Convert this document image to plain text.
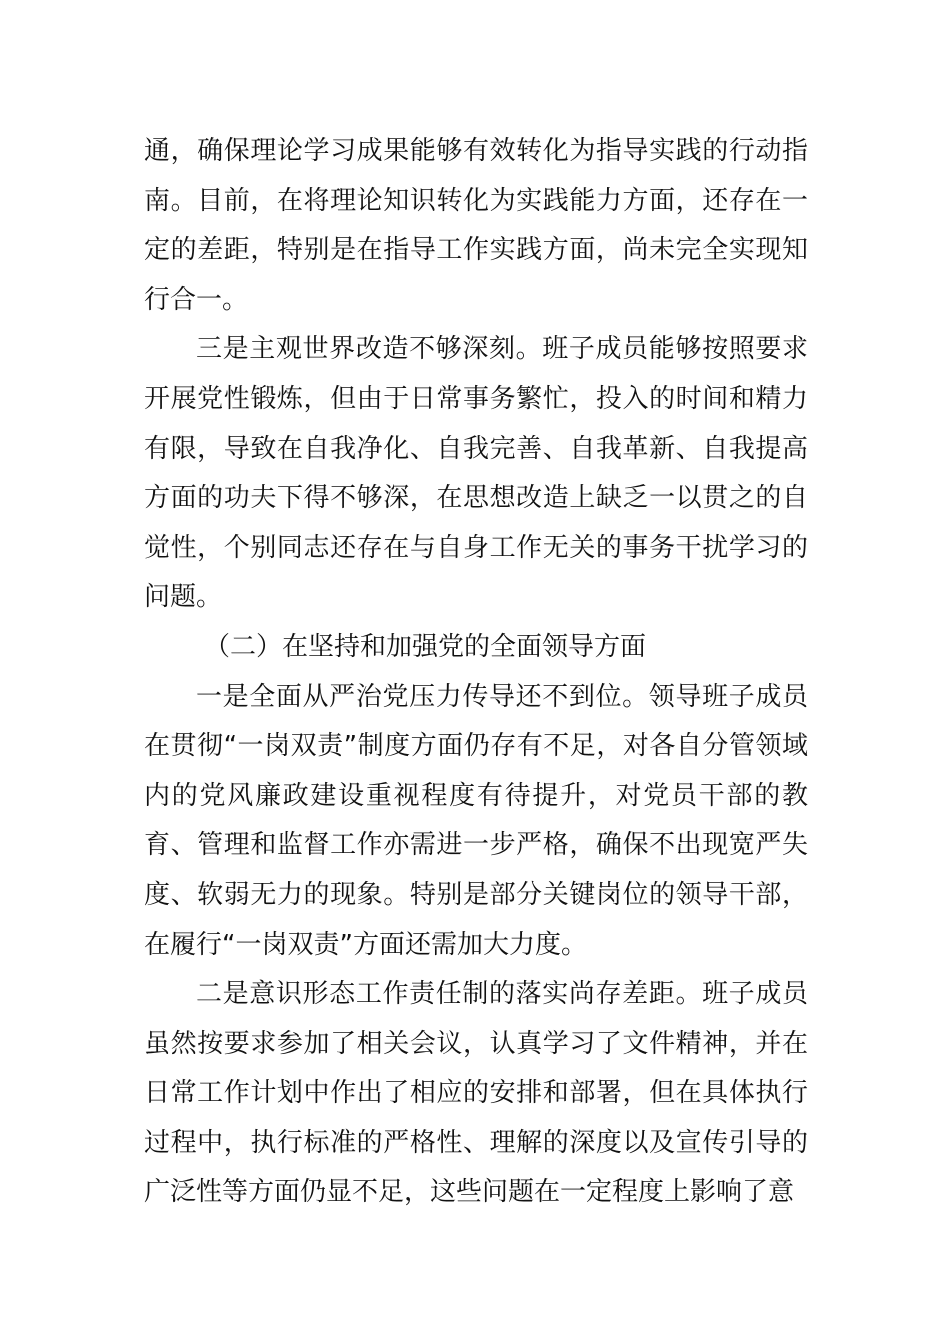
通，确保理论学习成果能够有效转化为指导实践的行动指南。目前，在将理论知识转化为实践能力方面，还存在一定的差距，特别是在指导工作实践方面，尚未完全实现知行合一。

三是主观世界改造不够深刻。班子成员能够按照要求开展党性锻炼，但由于日常事务繁忙，投入的时间和精力有限，导致在自我净化、自我完善、自我革新、自我提高方面的功夫下得不够深，在思想改造上缺乏一以贯之的自觉性，个别同志还存在与自身工作无关的事务干扰学习的问题。

（二）在坚持和加强党的全面领导方面

一是全面从严治党压力传导还不到位。领导班子成员在贯彻“一岗双责”制度方面仍存有不足，对各自分管领域内的党风廉政建设重视程度有待提升，对党员干部的教育、管理和监督工作亦需进一步严格，确保不出现宽严失度、软弱无力的现象。特别是部分关键岗位的领导干部，在履行“一岗双责”方面还需加大力度。

二是意识形态工作责任制的落实尚存差距。班子成员虽然按要求参加了相关会议，认真学习了文件精神，并在日常工作计划中作出了相应的安排和部署，但在具体执行过程中，执行标准的严格性、理解的深度以及宣传引导的广泛性等方面仍显不足，这些问题在一定程度上影响了意
